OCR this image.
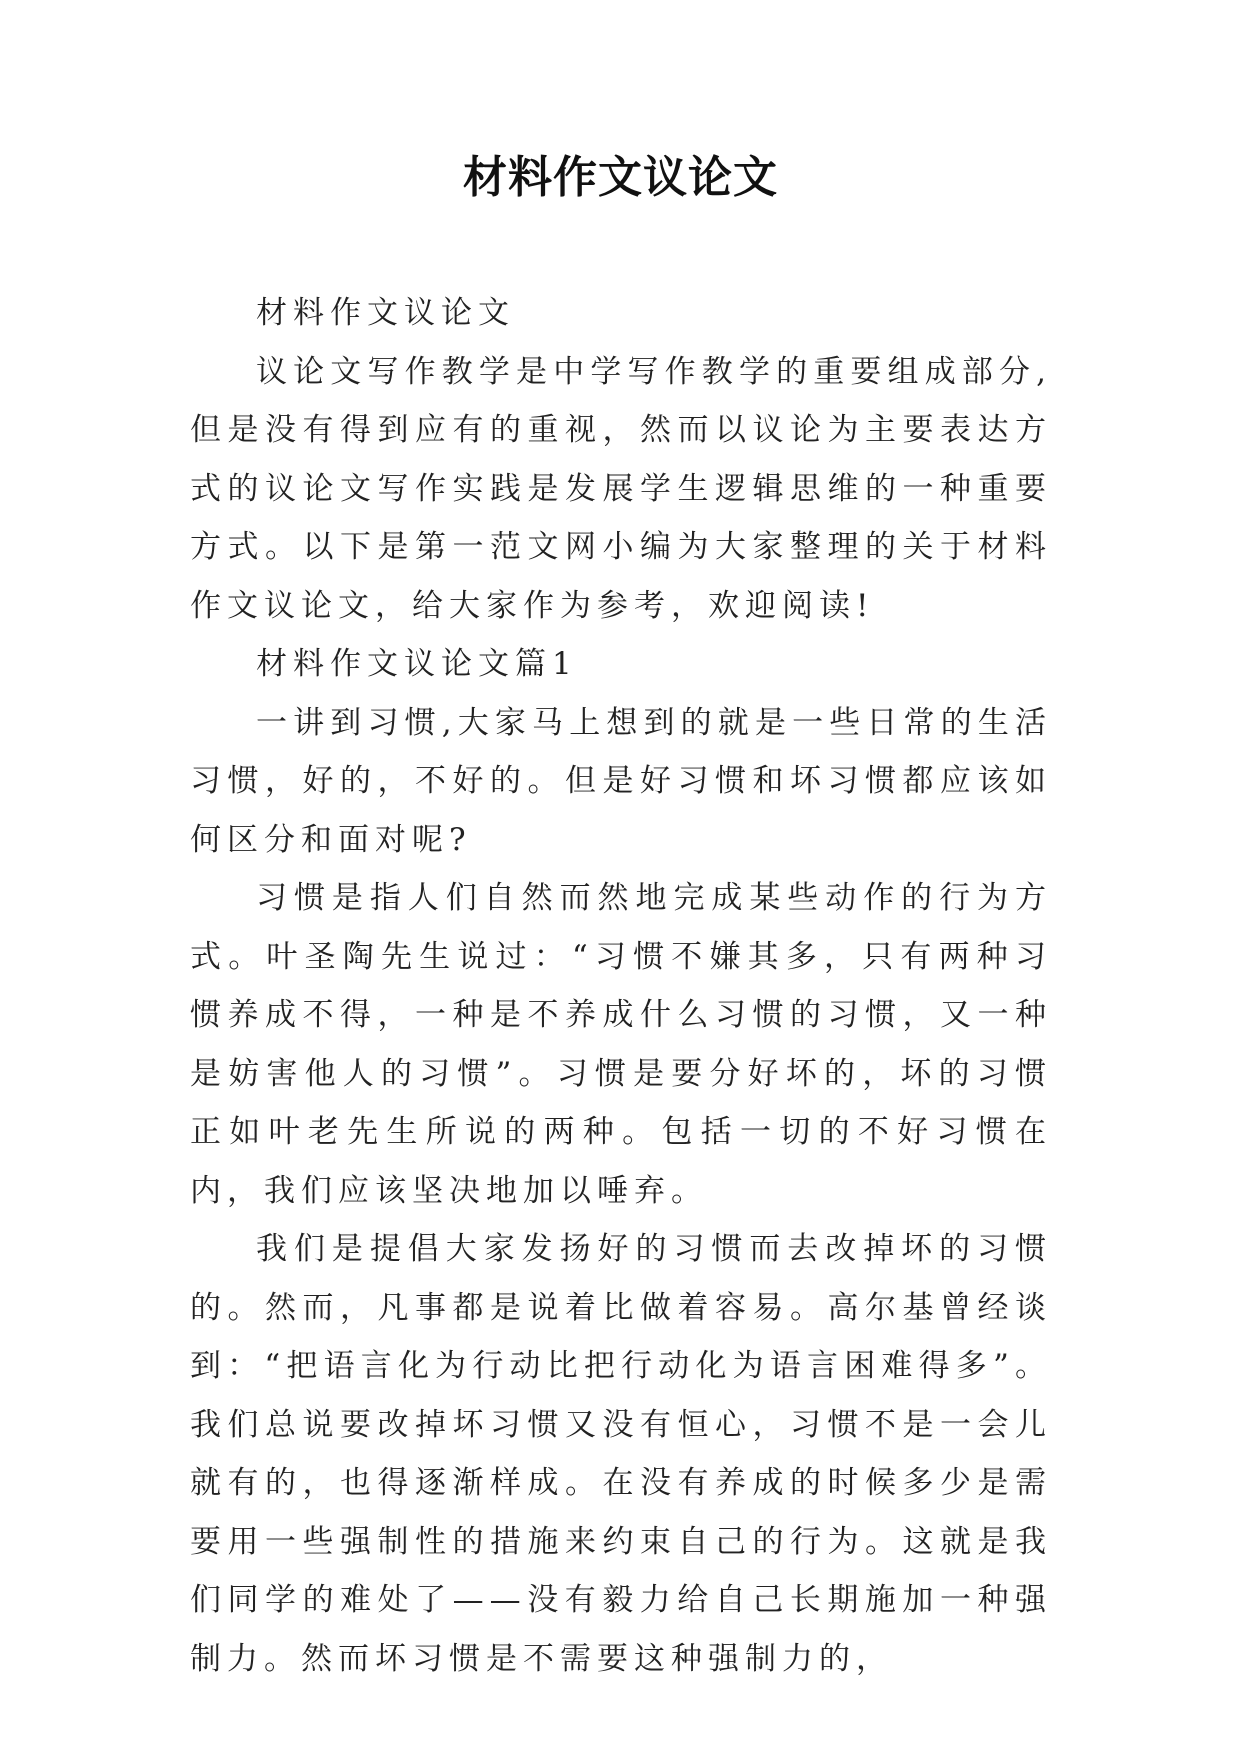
材料作文议论文

材料作文议论文

议论文写作教学是中学写作教学的重要组成部分,但是没有得到应有的重视，然而以议论为主要表达方式的议论文写作实践是发展学生逻辑思维的一种重要方式。以下是第一范文网小编为大家整理的关于材料作文议论文，给大家作为参考，欢迎阅读!

材料作文议论文篇1

一讲到习惯,大家马上想到的就是一些日常的生活习惯，好的，不好的。但是好习惯和坏习惯都应该如何区分和面对呢?

习惯是指人们自然而然地完成某些动作的行为方式。叶圣陶先生说过：“习惯不嫌其多，只有两种习惯养成不得，一种是不养成什么习惯的习惯，又一种是妨害他人的习惯”。习惯是要分好坏的，坏的习惯正如叶老先生所说的两种。包括一切的不好习惯在内，我们应该坚决地加以唾弃。

我们是提倡大家发扬好的习惯而去改掉坏的习惯的。然而，凡事都是说着比做着容易。高尔基曾经谈到：“把语言化为行动比把行动化为语言困难得多”。我们总说要改掉坏习惯又没有恒心，习惯不是一会儿就有的，也得逐渐样成。在没有养成的时候多少是需要用一些强制性的措施来约束自己的行为。这就是我们同学的难处了——没有毅力给自己长期施加一种强制力。然而坏习惯是不需要这种强制力的，
